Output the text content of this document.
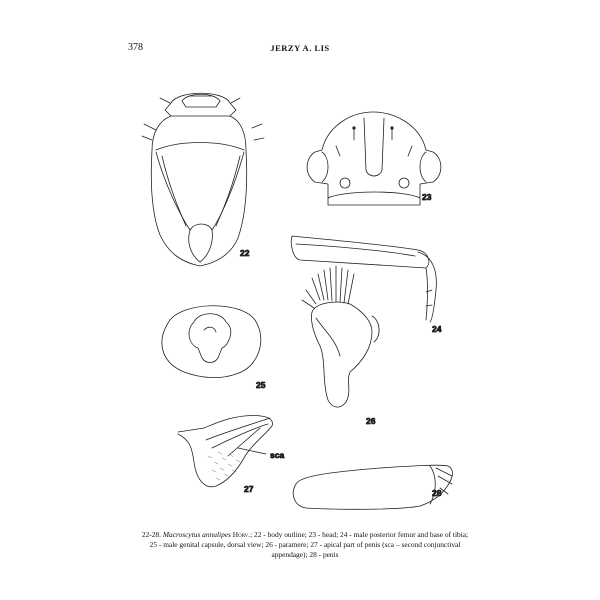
378	JERZY A. LIS
22
23
24
25
26
sca
27	28
22-28. Macroscytus annulipes Horv.; 22 - body outline; 23 - head; 24 - male posterior femur and base of tibia; 25 - male genital capsule, dorsal view; 26 - paramere; 27 - apical part of penis (sca – second conjunctival appendage); 28 - penis
